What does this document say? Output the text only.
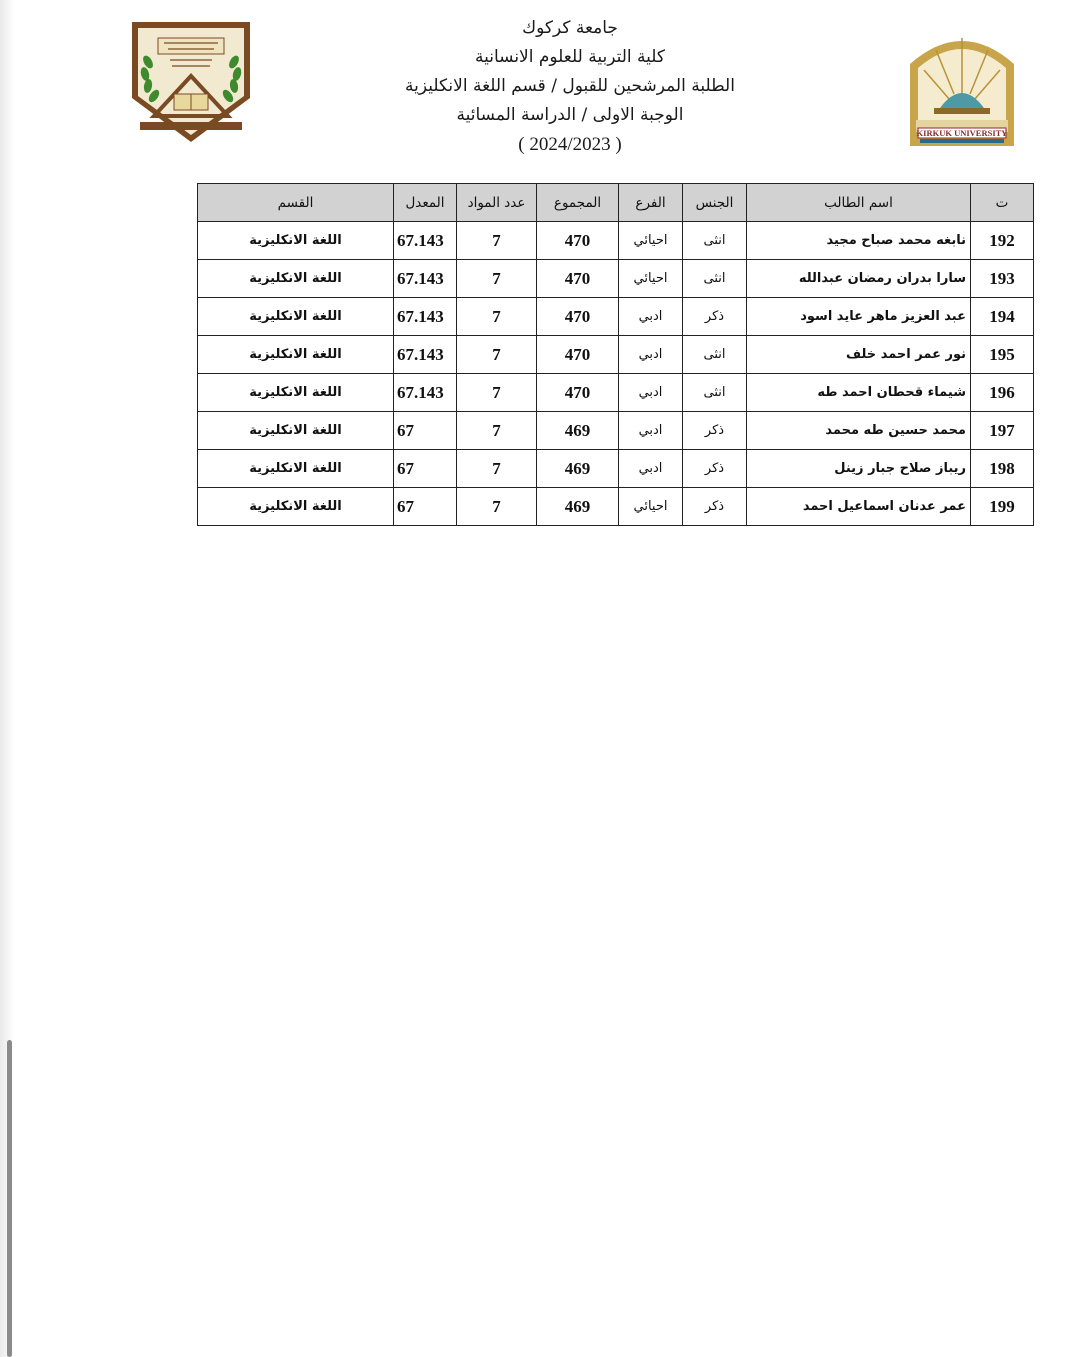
جامعة كركوك
كلية التربية للعلوم الانسانية
الطلبة المرشحين للقبول / قسم اللغة الانكليزية
الوجبة الاولى / الدراسة المسائية
( 2024/2023 )
KIRKUK UNIVERSITY
ت	اسم الطالب	الجنس	الفرع	المجموع	عدد المواد	المعدل	القسم
192	نابغه محمد صباح مجيد	انثى	احيائي	470	7	67.143	اللغة الانكليزية
193	سارا بدران رمضان عبدالله	انثى	احيائي	470	7	67.143	اللغة الانكليزية
194	عبد العزيز ماهر عايد اسود	ذكر	ادبي	470	7	67.143	اللغة الانكليزية
195	نور عمر احمد خلف	انثى	ادبي	470	7	67.143	اللغة الانكليزية
196	شيماء قحطان احمد طه	انثى	ادبي	470	7	67.143	اللغة الانكليزية
197	محمد حسين طه محمد	ذكر	ادبي	469	7	67	اللغة الانكليزية
198	ريباز صلاح جبار زينل	ذكر	ادبي	469	7	67	اللغة الانكليزية
199	عمر عدنان اسماعيل احمد	ذكر	احيائي	469	7	67	اللغة الانكليزية
